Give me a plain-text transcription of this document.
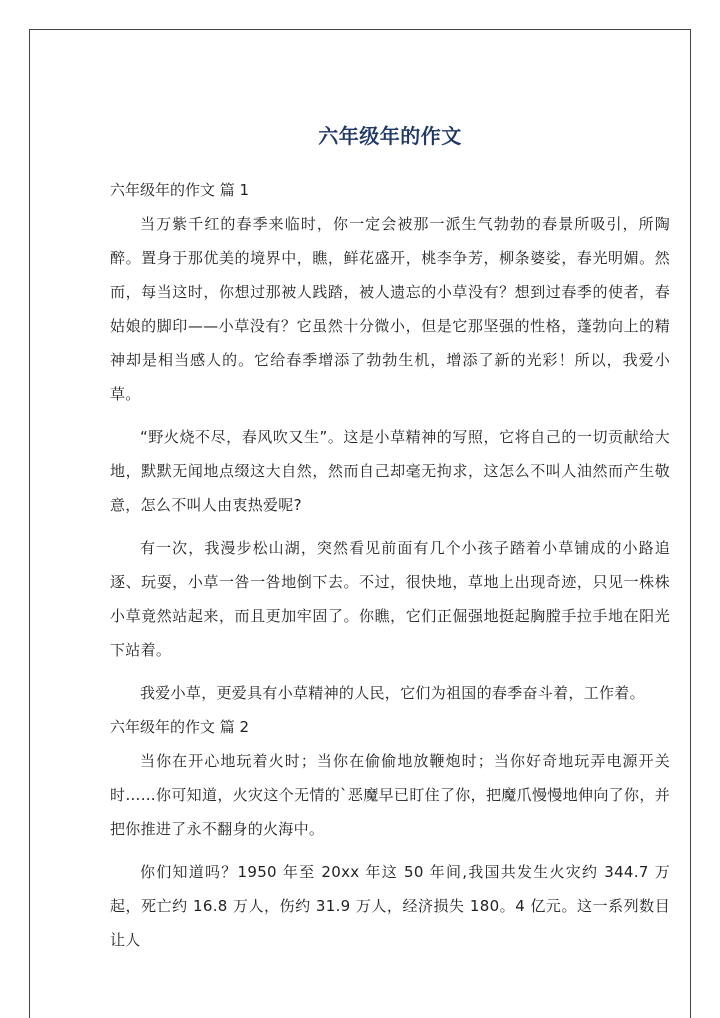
六年级年的作文

六年级年的作文 篇 1

当万紫千红的春季来临时，你一定会被那一派生气勃勃的春景所吸引，所陶醉。置身于那优美的境界中，瞧，鲜花盛开，桃李争芳，柳条婆娑，春光明媚。然而，每当这时，你想过那被人践踏，被人遗忘的小草没有？想到过春季的使者，春姑娘的脚印——小草没有？它虽然十分微小，但是它那坚强的性格，蓬勃向上的精神却是相当感人的。它给春季增添了勃勃生机，增添了新的光彩！所以，我爱小草。

“野火烧不尽，春风吹又生”。这是小草精神的写照，它将自己的一切贡献给大地，默默无闻地点缀这大自然，然而自己却毫无拘求，这怎么不叫人油然而产生敬意，怎么不叫人由衷热爱呢?

有一次，我漫步松山湖，突然看见前面有几个小孩子踏着小草铺成的小路追逐、玩耍，小草一咎一咎地倒下去。不过，很快地，草地上出现奇迹，只见一株株小草竟然站起来，而且更加牢固了。你瞧，它们正倔强地挺起胸膛手拉手地在阳光下站着。

我爱小草，更爱具有小草精神的人民，它们为祖国的春季奋斗着，工作着。

六年级年的作文 篇 2

当你在开心地玩着火时；当你在偷偷地放鞭炮时；当你好奇地玩弄电源开关时……你可知道，火灾这个无情的`恶魔早已盯住了你，把魔爪慢慢地伸向了你，并把你推进了永不翻身的火海中。

你们知道吗？1950 年至 20xx 年这 50 年间,我国共发生火灾约 344.7 万起，死亡约 16.8 万人，伤约 31.9 万人，经济损失 180。4 亿元。这一系列数目让人
